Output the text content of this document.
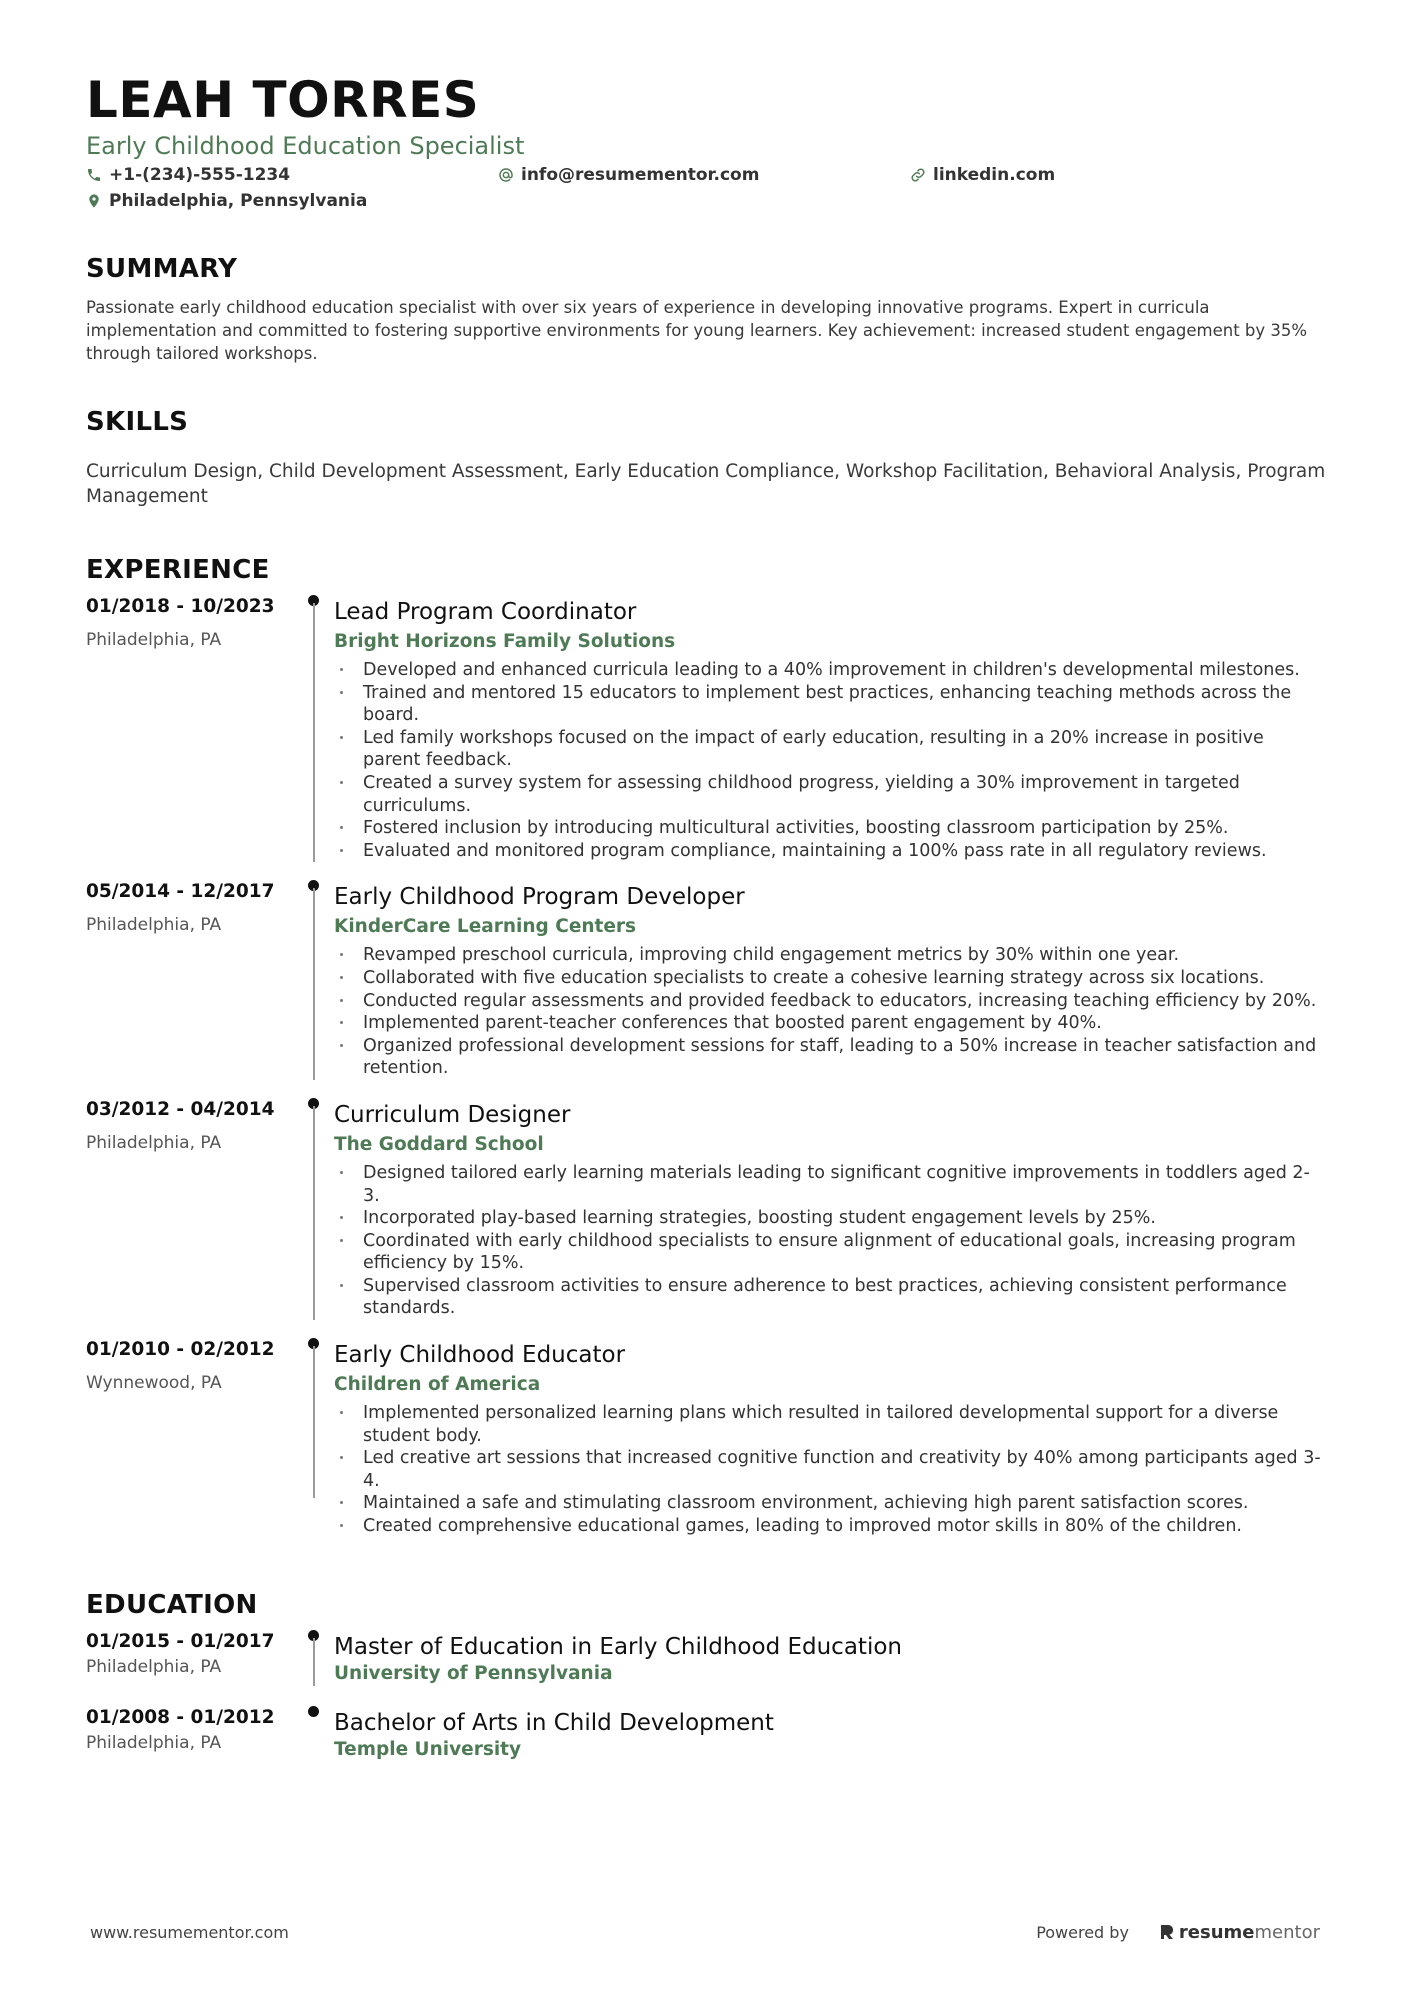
LEAH TORRES
Early Childhood Education Specialist
+1-(234)-555-1234	info@resumementor.com	linkedin.com
Philadelphia, Pennsylvania
SUMMARY
Passionate early childhood education specialist with over six years of experience in developing innovative programs. Expert in curricula implementation and committed to fostering supportive environments for young learners. Key achievement: increased student engagement by 35% through tailored workshops.
SKILLS
Curriculum Design, Child Development Assessment, Early Education Compliance, Workshop Facilitation, Behavioral Analysis, Program Management
EXPERIENCE
01/2018 - 10/2023
Philadelphia, PA
Lead Program Coordinator
Bright Horizons Family Solutions
Developed and enhanced curricula leading to a 40% improvement in children's developmental milestones.
Trained and mentored 15 educators to implement best practices, enhancing teaching methods across the board.
Led family workshops focused on the impact of early education, resulting in a 20% increase in positive parent feedback.
Created a survey system for assessing childhood progress, yielding a 30% improvement in targeted curriculums.
Fostered inclusion by introducing multicultural activities, boosting classroom participation by 25%.
Evaluated and monitored program compliance, maintaining a 100% pass rate in all regulatory reviews.
05/2014 - 12/2017
Philadelphia, PA
Early Childhood Program Developer
KinderCare Learning Centers
Revamped preschool curricula, improving child engagement metrics by 30% within one year.
Collaborated with five education specialists to create a cohesive learning strategy across six locations.
Conducted regular assessments and provided feedback to educators, increasing teaching efficiency by 20%.
Implemented parent-teacher conferences that boosted parent engagement by 40%.
Organized professional development sessions for staff, leading to a 50% increase in teacher satisfaction and retention.
03/2012 - 04/2014
Philadelphia, PA
Curriculum Designer
The Goddard School
Designed tailored early learning materials leading to significant cognitive improvements in toddlers aged 2-3.
Incorporated play-based learning strategies, boosting student engagement levels by 25%.
Coordinated with early childhood specialists to ensure alignment of educational goals, increasing program efficiency by 15%.
Supervised classroom activities to ensure adherence to best practices, achieving consistent performance standards.
01/2010 - 02/2012
Wynnewood, PA
Early Childhood Educator
Children of America
Implemented personalized learning plans which resulted in tailored developmental support for a diverse student body.
Led creative art sessions that increased cognitive function and creativity by 40% among participants aged 3-4.
Maintained a safe and stimulating classroom environment, achieving high parent satisfaction scores.
Created comprehensive educational games, leading to improved motor skills in 80% of the children.
EDUCATION
01/2015 - 01/2017
Philadelphia, PA
Master of Education in Early Childhood Education
University of Pennsylvania
01/2008 - 01/2012
Philadelphia, PA
Bachelor of Arts in Child Development
Temple University
www.resumementor.com	Powered by	resume mentor
